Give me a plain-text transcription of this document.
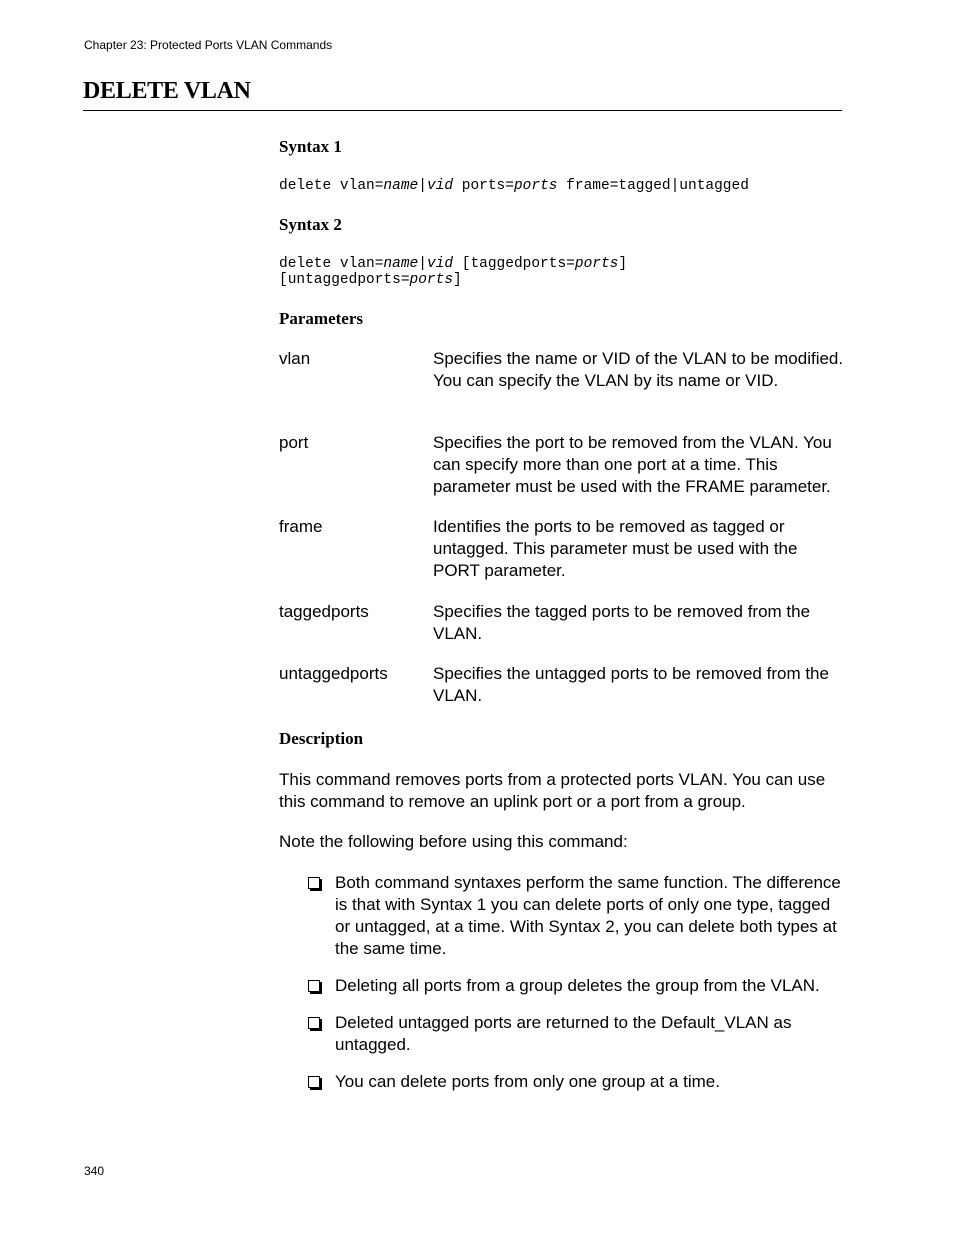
Chapter 23: Protected Ports VLAN Commands
DELETE VLAN
Syntax 1
delete vlan=name|vid ports=ports frame=tagged|untagged
Syntax 2
delete vlan=name|vid [taggedports=ports]
[untaggedports=ports]
Parameters
vlan	Specifies the name or VID of the VLAN to be modified. You can specify the VLAN by its name or VID.
port	Specifies the port to be removed from the VLAN. You can specify more than one port at a time. This parameter must be used with the FRAME parameter.
frame	Identifies the ports to be removed as tagged or untagged. This parameter must be used with the PORT parameter.
taggedports	Specifies the tagged ports to be removed from the VLAN.
untaggedports	Specifies the untagged ports to be removed from the VLAN.
Description
This command removes ports from a protected ports VLAN. You can use this command to remove an uplink port or a port from a group.
Note the following before using this command:
Both command syntaxes perform the same function. The difference is that with Syntax 1 you can delete ports of only one type, tagged or untagged, at a time. With Syntax 2, you can delete both types at the same time.
Deleting all ports from a group deletes the group from the VLAN.
Deleted untagged ports are returned to the Default_VLAN as untagged.
You can delete ports from only one group at a time.
340
